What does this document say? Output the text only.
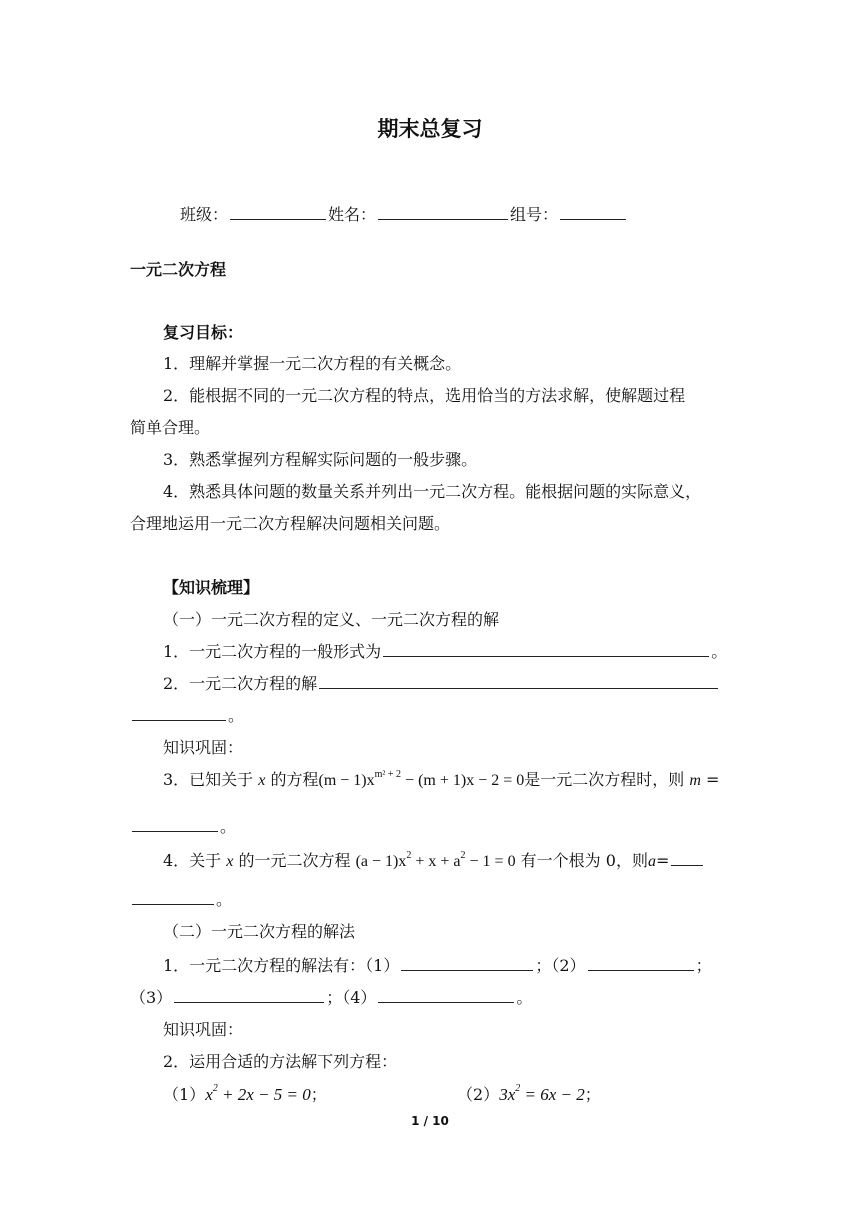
期末总复习
班级：	姓名：	组号：
一元二次方程
复习目标：
1．理解并掌握一元二次方程的有关概念。
2．能根据不同的一元二次方程的特点，选用恰当的方法求解，使解题过程
简单合理。
3．熟悉掌握列方程解实际问题的一般步骤。
4．熟悉具体问题的数量关系并列出一元二次方程。能根据问题的实际意义，
合理地运用一元二次方程解决问题相关问题。
【知识梳理】
（一）一元二次方程的定义、一元二次方程的解
1．一元二次方程的一般形式为	。
2．一元二次方程的解
。
知识巩固：
3．已知关于 x 的方程$(m - 1)x^{m^2 + 2} - (m + 1)x - 2 = 0$是一元二次方程时，则 m =
。
4．关于 x 的一元二次方程 $(a - 1)x^2 + x + a^2 - 1 = 0$ 有一个根为 0，则a=
。
（二）一元二次方程的解法
1．一元二次方程的解法有：（1）	；（2）	；
（3）	；（4）	。
知识巩固：
2．运用合适的方法解下列方程：
$(1)x^2 + 2x - 5 = 0$；	$(2)3x^2 = 6x - 2$；
1 / 10
